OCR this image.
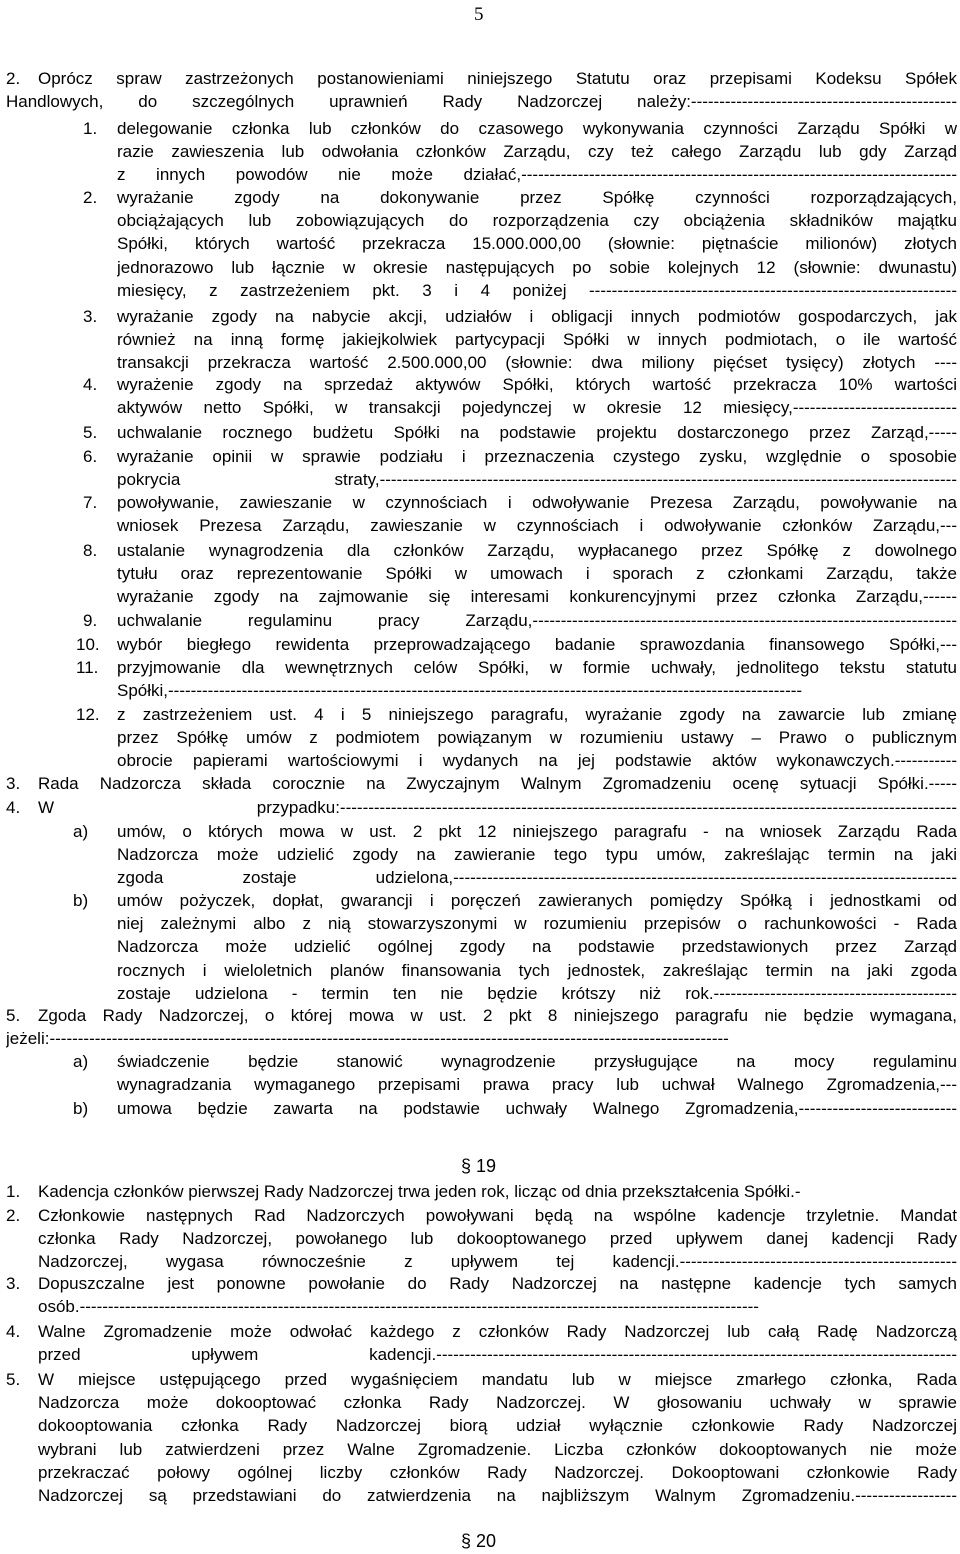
5
2. Oprócz spraw zastrzeżonych postanowieniami niniejszego Statutu oraz przepisami Kodeksu Spółek
Handlowych, do szczególnych uprawnień Rady Nadzorczej należy:-----------------------------------------------
1. delegowanie członka lub członków do czasowego wykonywania czynności Zarządu Spółki w
razie zawieszenia lub odwołania członków Zarządu, czy też całego Zarządu lub gdy Zarząd
z innych powodów nie może działać,-----------------------------------------------------------------------------
2. wyrażanie zgody na dokonywanie przez Spółkę czynności rozporządzających,
obciążających lub zobowiązujących do rozporządzenia czy obciążenia składników majątku
Spółki, których wartość przekracza 15.000.000,00 (słownie: piętnaście milionów) złotych
jednorazowo lub łącznie w okresie następujących po sobie kolejnych 12 (słownie: dwunastu)
miesięcy, z zastrzeżeniem pkt. 3 i 4 poniżej -----------------------------------------------------------------
3. wyrażanie zgody na nabycie akcji, udziałów i obligacji innych podmiotów gospodarczych, jak
również na inną formę jakiejkolwiek partycypacji Spółki w innych podmiotach, o ile wartość
transakcji przekracza wartość 2.500.000,00 (słownie: dwa miliony pięćset tysięcy) złotych ----
4. wyrażenie zgody na sprzedaż aktywów Spółki, których wartość przekracza 10% wartości
aktywów netto Spółki, w transakcji pojedynczej w okresie 12 miesięcy,-----------------------------
5. uchwalanie rocznego budżetu Spółki na podstawie projektu dostarczonego przez Zarząd,-----
6. wyrażanie opinii w sprawie podziału i przeznaczenia czystego zysku, względnie o sposobie
pokrycia straty,------------------------------------------------------------------------------------------------------
7. powoływanie, zawieszanie w czynnościach i odwoływanie Prezesa Zarządu, powoływanie na
wniosek Prezesa Zarządu, zawieszanie w czynnościach i odwoływanie członków Zarządu,---
8. ustalanie wynagrodzenia dla członków Zarządu, wypłacanego przez Spółkę z dowolnego
tytułu oraz reprezentowanie Spółki w umowach i sporach z członkami Zarządu, także
wyrażanie zgody na zajmowanie się interesami konkurencyjnymi przez członka Zarządu,------
9. uchwalanie regulaminu pracy Zarządu,---------------------------------------------------------------------------
10. wybór biegłego rewidenta przeprowadzającego badanie sprawozdania finansowego Spółki,---
11. przyjmowanie dla wewnętrznych celów Spółki, w formie uchwały, jednolitego tekstu statutu
Spółki,----------------------------------------------------------------------------------------------------------------
12. z zastrzeżeniem ust. 4 i 5 niniejszego paragrafu, wyrażanie zgody na zawarcie lub zmianę
przez Spółkę umów z podmiotem powiązanym w rozumieniu ustawy – Prawo o publicznym
obrocie papierami wartościowymi i wydanych na jej podstawie aktów wykonawczych.-----------
3. Rada Nadzorcza składa corocznie na Zwyczajnym Walnym Zgromadzeniu ocenę sytuacji Spółki.-----
4. W przypadku:-------------------------------------------------------------------------------------------------------------
a) umów, o których mowa w ust. 2 pkt 12 niniejszego paragrafu - na wniosek Zarządu Rada
Nadzorcza może udzielić zgody na zawieranie tego typu umów, zakreślając termin na jaki
zgoda zostaje udzielona,-----------------------------------------------------------------------------------------
b) umów pożyczek, dopłat, gwarancji i poręczeń zawieranych pomiędzy Spółką i jednostkami od
niej zależnymi albo z nią stowarzyszonymi w rozumieniu przepisów o rachunkowości - Rada
Nadzorcza może udzielić ogólnej zgody na podstawie przedstawionych przez Zarząd
rocznych i wieloletnich planów finansowania tych jednostek, zakreślając termin na jaki zgoda
zostaje udzielona - termin ten nie będzie krótszy niż rok.-------------------------------------------
5. Zgoda Rady Nadzorczej, o której mowa w ust. 2 pkt 8 niniejszego paragrafu nie będzie wymagana,
jeżeli:------------------------------------------------------------------------------------------------------------------------
a) świadczenie będzie stanowić wynagrodzenie przysługujące na mocy regulaminu
wynagradzania wymaganego przepisami prawa pracy lub uchwał Walnego Zgromadzenia,---
b) umowa będzie zawarta na podstawie uchwały Walnego Zgromadzenia,----------------------------
1. Kadencja członków pierwszej Rady Nadzorczej trwa jeden rok, licząc od dnia przekształcenia Spółki.-
2. Członkowie następnych Rad Nadzorczych powoływani będą na wspólne kadencje trzyletnie. Mandat
członka Rady Nadzorczej, powołanego lub dokooptowanego przed upływem danej kadencji Rady
Nadzorczej, wygasa równocześnie z upływem tej kadencji.-------------------------------------------------
3. Dopuszczalne jest ponowne powołanie do Rady Nadzorczej na następne kadencje tych samych
osób.------------------------------------------------------------------------------------------------------------------------
4. Walne Zgromadzenie może odwołać każdego z członków Rady Nadzorczej lub całą Radę Nadzorczą
przed upływem kadencji.--------------------------------------------------------------------------------------------
5. W miejsce ustępującego przed wygaśnięciem mandatu lub w miejsce zmarłego członka, Rada
Nadzorcza może dokooptować członka Rady Nadzorczej. W głosowaniu uchwały w sprawie
dokooptowania członka Rady Nadzorczej biorą udział wyłącznie członkowie Rady Nadzorczej
wybrani lub zatwierdzeni przez Walne Zgromadzenie. Liczba członków dokooptowanych nie może
przekraczać połowy ogólnej liczby członków Rady Nadzorczej. Dokooptowani członkowie Rady
Nadzorczej są przedstawiani do zatwierdzenia na najbliższym Walnym Zgromadzeniu.------------------
§ 19
§ 20
